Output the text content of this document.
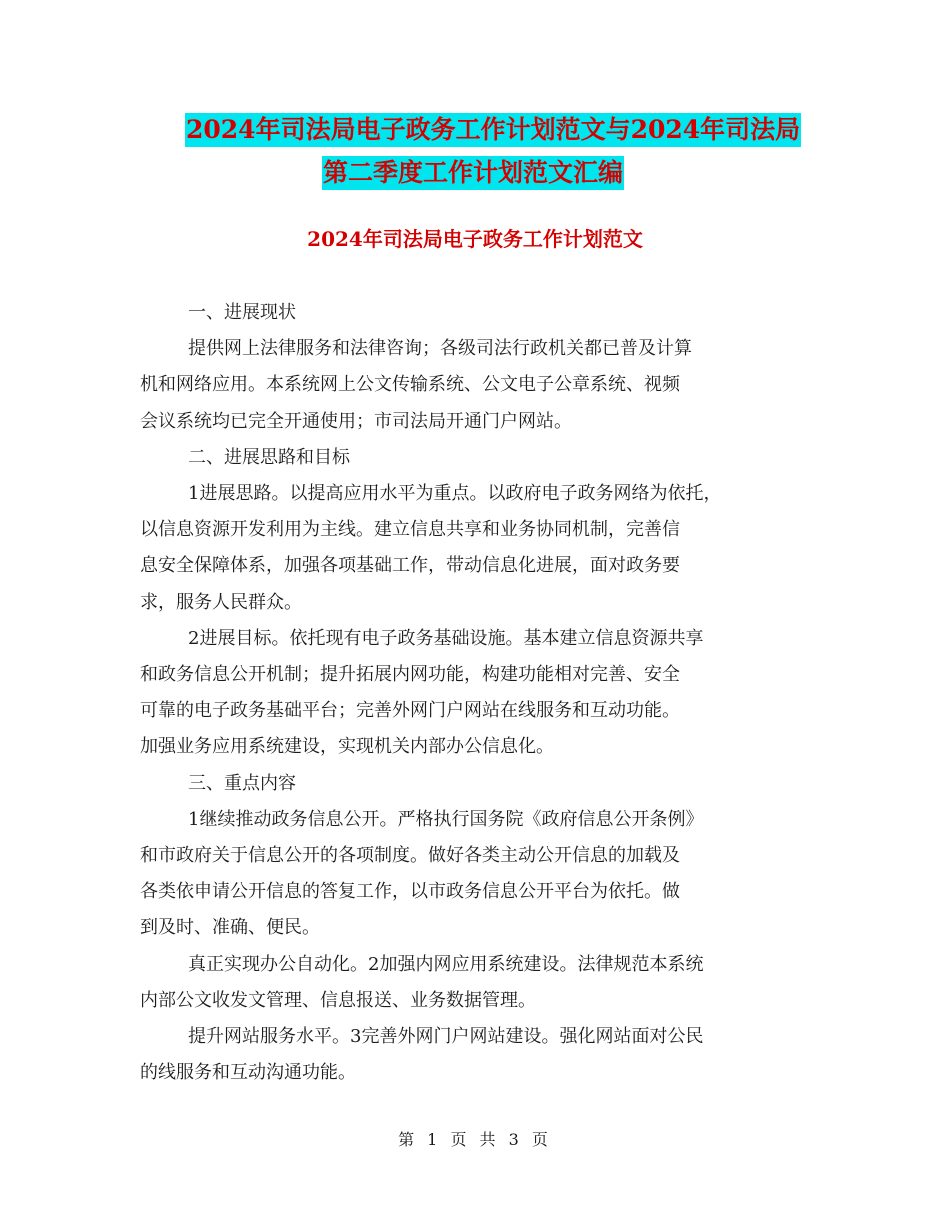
2024年司法局电子政务工作计划范文与2024年司法局
第二季度工作计划范文汇编
2024年司法局电子政务工作计划范文

一、进展现状

提供网上法律服务和法律咨询；各级司法行政机关都已普及计算

机和网络应用。本系统网上公文传输系统、公文电子公章系统、视频

会议系统均已完全开通使用；市司法局开通门户网站。

二、进展思路和目标

1进展思路。以提高应用水平为重点。以政府电子政务网络为依托，

以信息资源开发利用为主线。建立信息共享和业务协同机制，完善信

息安全保障体系，加强各项基础工作，带动信息化进展，面对政务要

求，服务人民群众。

2进展目标。依托现有电子政务基础设施。基本建立信息资源共享

和政务信息公开机制；提升拓展内网功能，构建功能相对完善、安全

可靠的电子政务基础平台；完善外网门户网站在线服务和互动功能。

加强业务应用系统建设，实现机关内部办公信息化。

三、重点内容

1继续推动政务信息公开。严格执行国务院《政府信息公开条例》

和市政府关于信息公开的各项制度。做好各类主动公开信息的加载及

各类依申请公开信息的答复工作，以市政务信息公开平台为依托。做

到及时、准确、便民。

真正实现办公自动化。2加强内网应用系统建设。法律规范本系统

内部公文收发文管理、信息报送、业务数据管理。

提升网站服务水平。3完善外网门户网站建设。强化网站面对公民

的线服务和互动沟通功能。

第 1 页 共 3 页
